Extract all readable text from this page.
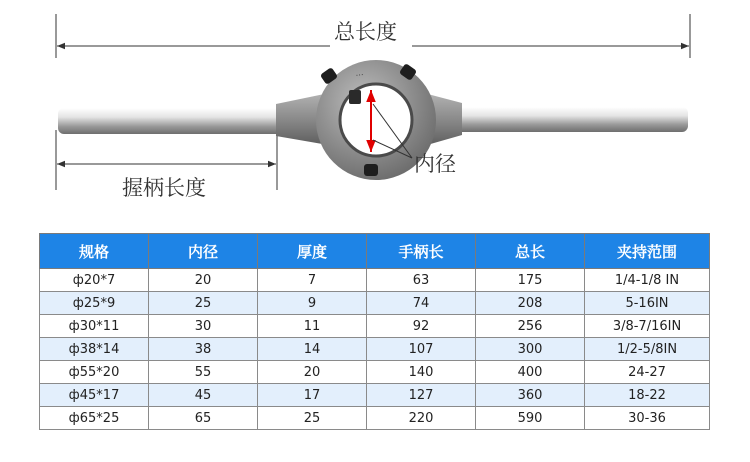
⋯
总长度
内径
握柄长度
规格	内径	厚度	手柄长	总长	夹持范围
ф20*7	20	7	63	175	1/4-1/8 IN
ф25*9	25	9	74	208	5-16IN
ф30*11	30	11	92	256	3/8-7/16IN
ф38*14	38	14	107	300	1/2-5/8IN
ф55*20	55	20	140	400	24-27
ф45*17	45	17	127	360	18-22
ф65*25	65	25	220	590	30-36
